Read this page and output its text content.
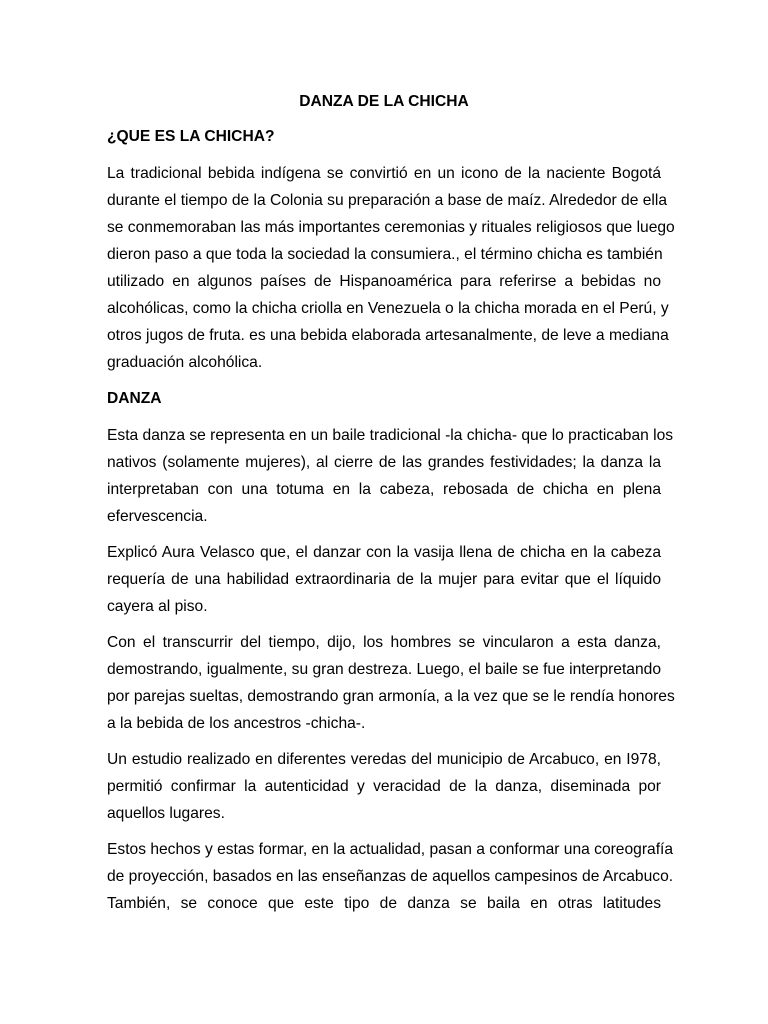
DANZA DE LA CHICHA
¿QUE ES LA CHICHA?

La tradicional bebida indígena se convirtió en un icono de la naciente Bogotá
durante el tiempo de la Colonia su preparación a base de maíz. Alrededor de ella
se conmemoraban las más importantes ceremonias y rituales religiosos que luego
dieron paso a que toda la sociedad la consumiera., el término chicha es también
utilizado en algunos países de Hispanoamérica para referirse a bebidas no
alcohólicas, como la chicha criolla en Venezuela o la chicha morada en el Perú, y
otros jugos de fruta. es una bebida elaborada artesanalmente, de leve a mediana
graduación alcohólica.

DANZA

Esta danza se representa en un baile tradicional -la chicha- que lo practicaban los
nativos (solamente mujeres), al cierre de las grandes festividades; la danza la
interpretaban con una totuma en la cabeza, rebosada de chicha en plena
efervescencia.

Explicó Aura Velasco que, el danzar con la vasija llena de chicha en la cabeza
requería de una habilidad extraordinaria de la mujer para evitar que el líquido
cayera al piso.

Con el transcurrir del tiempo, dijo, los hombres se vincularon a esta danza,
demostrando, igualmente, su gran destreza. Luego, el baile se fue interpretando
por parejas sueltas, demostrando gran armonía, a la vez que se le rendía honores
a la bebida de los ancestros -chicha-.

Un estudio realizado en diferentes veredas del municipio de Arcabuco, en I978,
permitió confirmar la autenticidad y veracidad de la danza, diseminada por
aquellos lugares.

Estos hechos y estas formar, en la actualidad, pasan a conformar una coreografía
de proyección, basados en las enseñanzas de aquellos campesinos de Arcabuco.
También, se conoce que este tipo de danza se baila en otras latitudes
